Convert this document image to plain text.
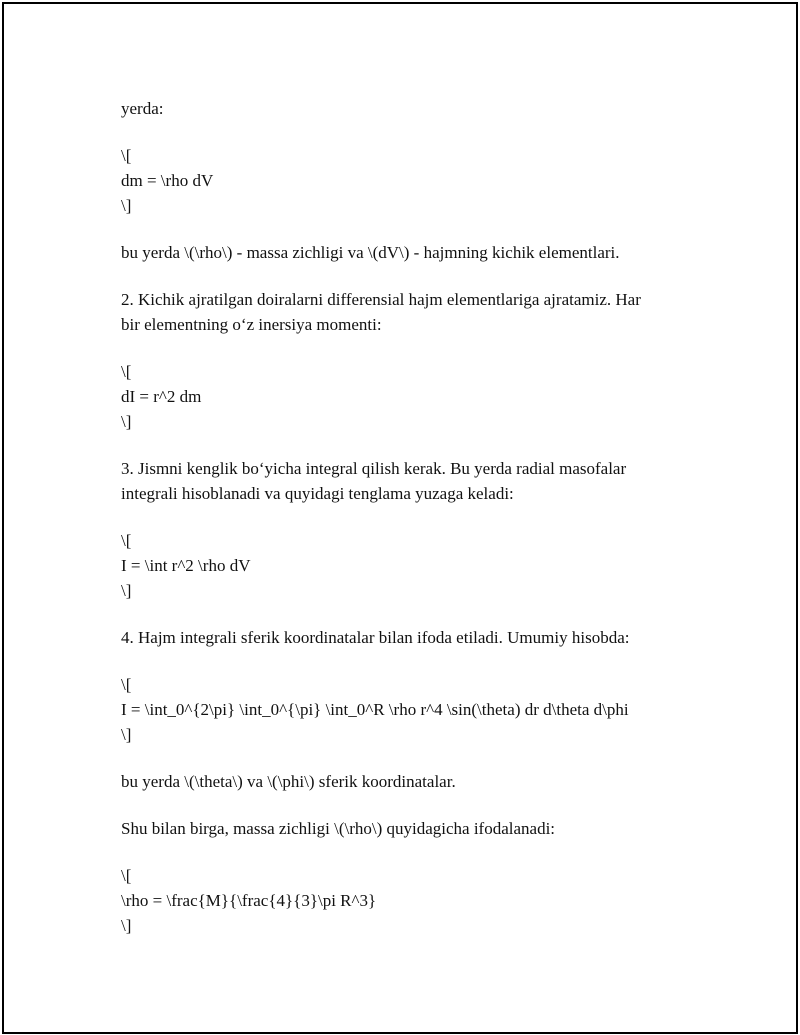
yerda:
\[
dm = \rho dV
\]
bu yerda \(\rho\) - massa zichligi va \(dV\) - hajmning kichik elementlari.
2. Kichik ajratilgan doiralarni differensial hajm elementlariga ajratamiz. Har
bir elementning o‘z inersiya momenti:
\[
dI = r^2 dm
\]
3. Jismni kenglik bo‘yicha integral qilish kerak. Bu yerda radial masofalar
integrali hisoblanadi va quyidagi tenglama yuzaga keladi:
\[
I = \int r^2 \rho dV
\]
4. Hajm integrali sferik koordinatalar bilan ifoda etiladi. Umumiy hisobda:
\[
I = \int_0^{2\pi} \int_0^{\pi} \int_0^R \rho r^4 \sin(\theta) dr d\theta d\phi
\]
bu yerda \(\theta\) va \(\phi\) sferik koordinatalar.
Shu bilan birga, massa zichligi \(\rho\) quyidagicha ifodalanadi:
\[
\rho = \frac{M}{\frac{4}{3}\pi R^3}
\]
